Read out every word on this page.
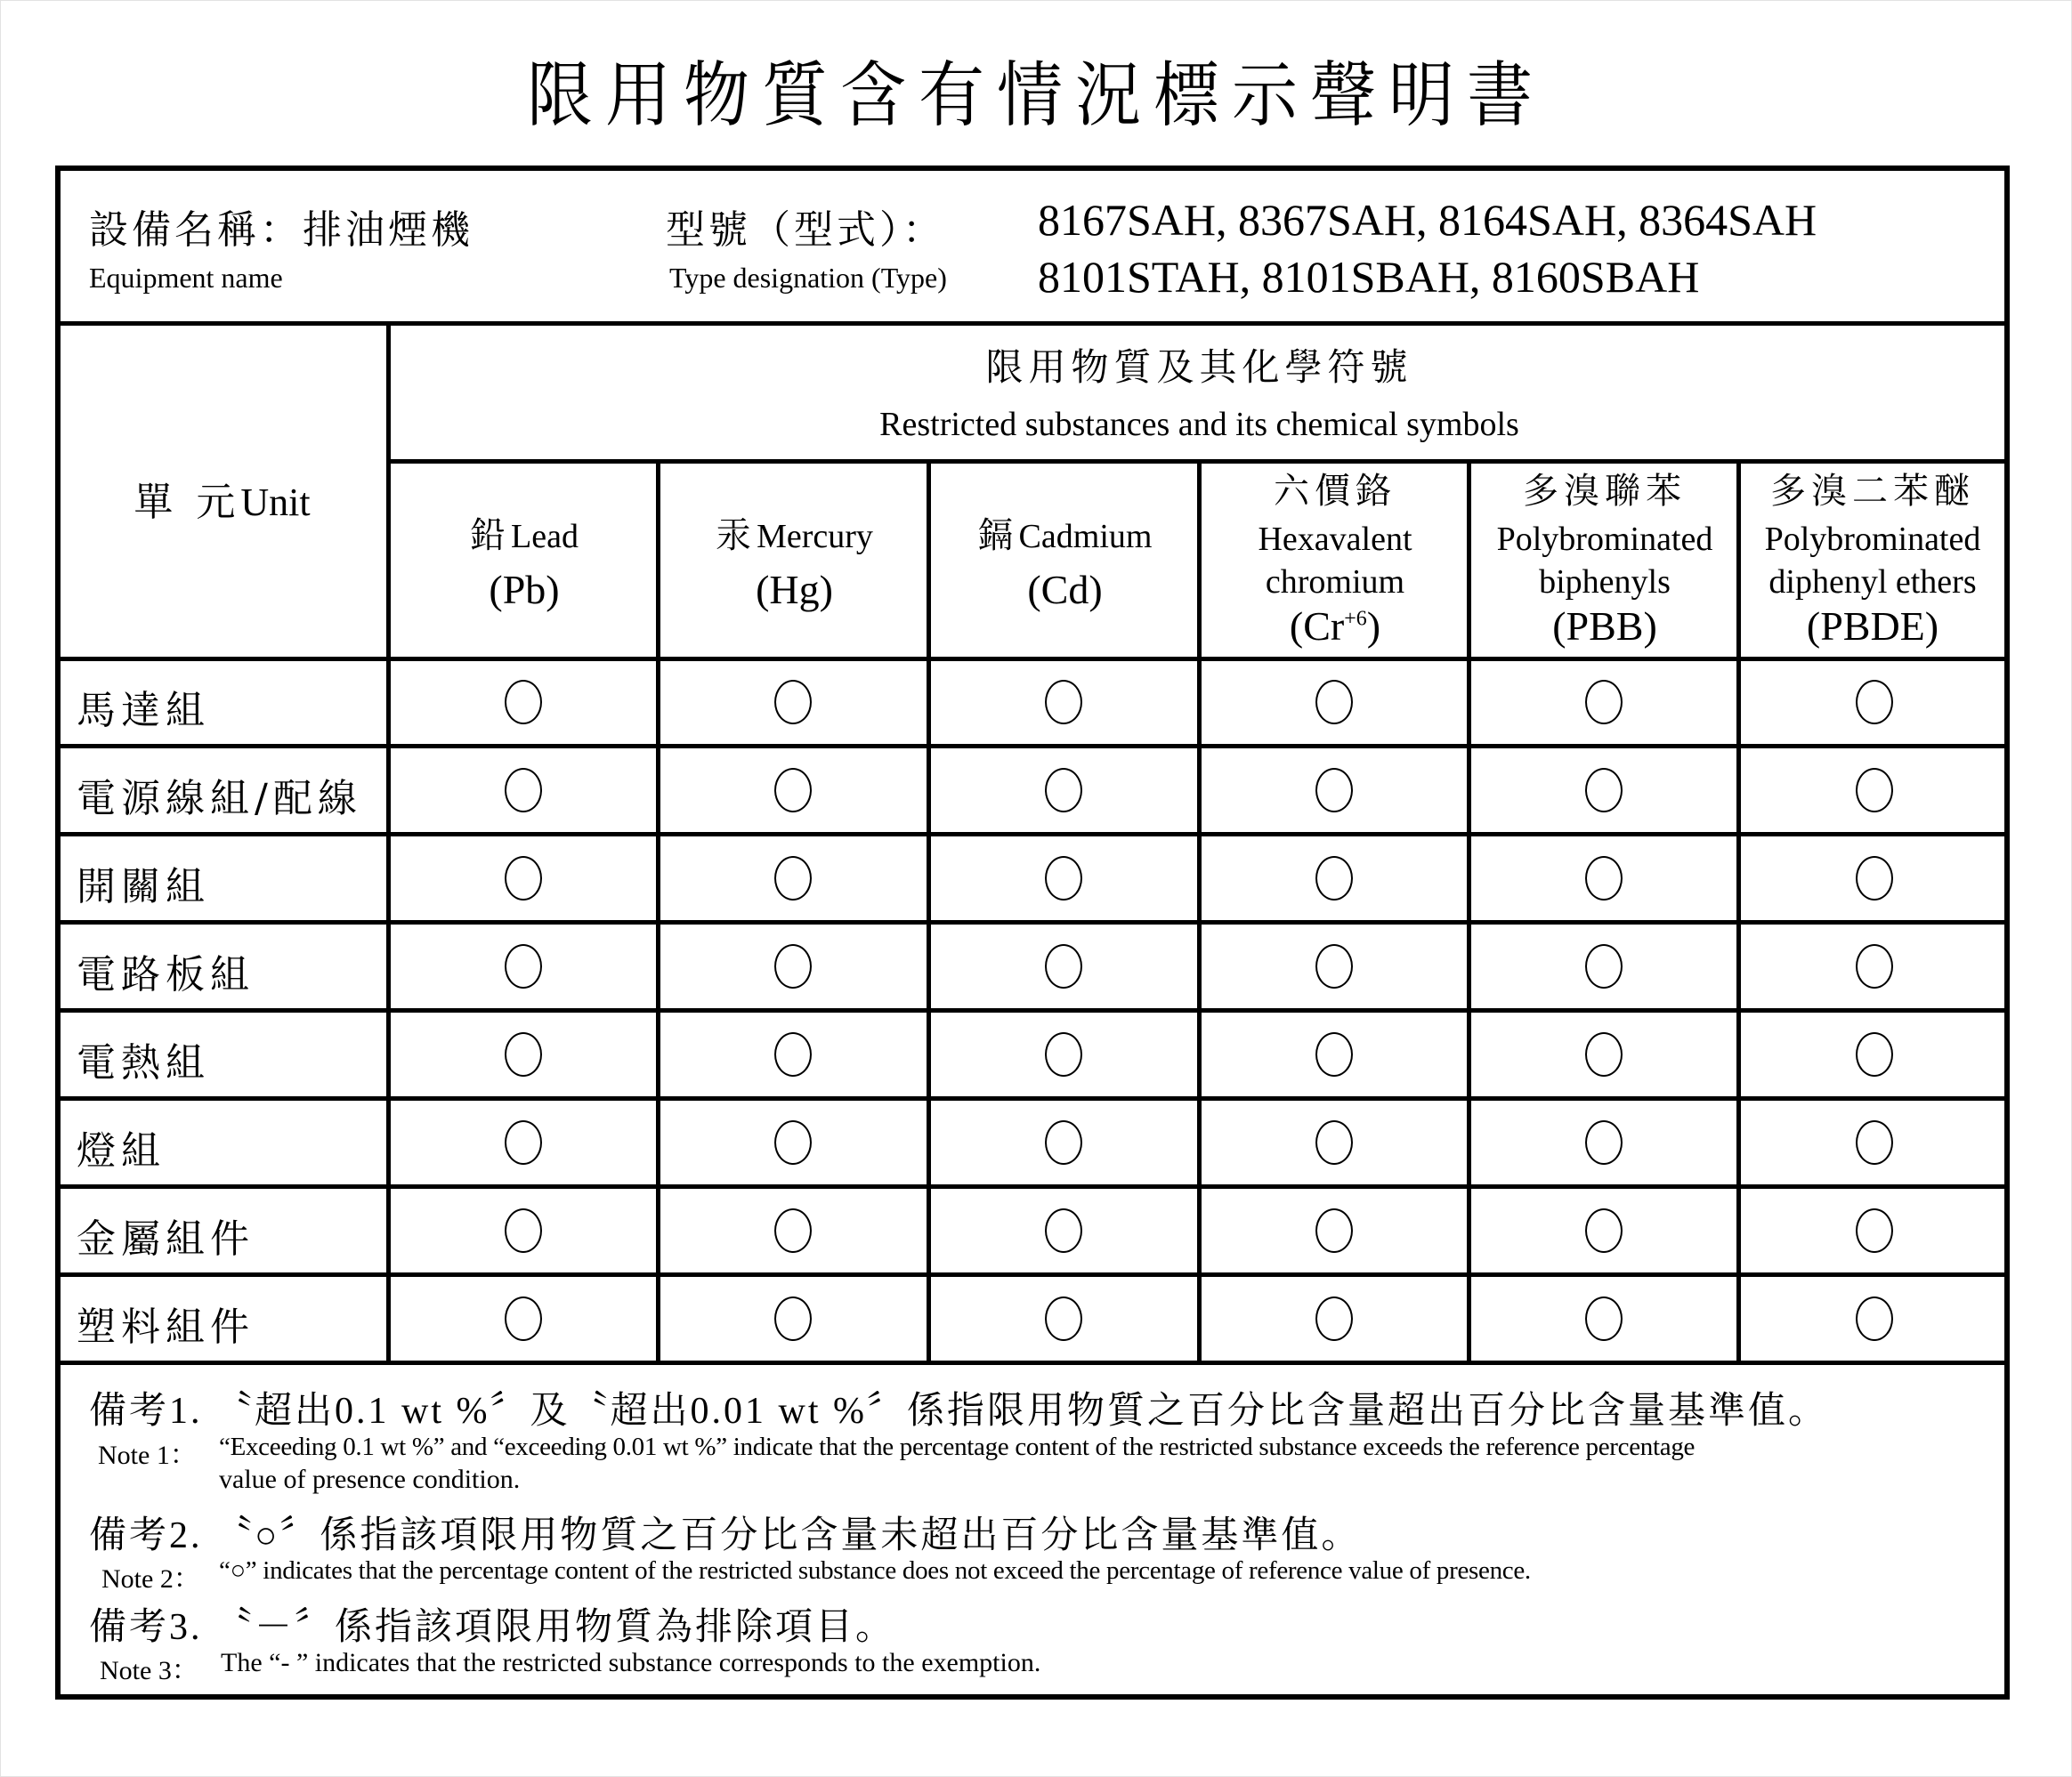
限用物質含有情況標示聲明書
設備名稱：排油煙機
Equipment name
型號（型式）：
Type designation (Type)
8167SAH, 8367SAH, 8164SAH, 8364SAH
8101STAH, 8101SBAH, 8160SBAH
單 元Unit
限用物質及其化學符號
Restricted substances and its chemical symbols
鉛Lead
(Pb)
汞Mercury
(Hg)
鎘Cadmium
(Cd)
六價鉻
Hexavalent
chromium
$(Cr^{+6})$
多溴聯苯
Polybrominated
biphenyls
(PBB)
多溴二苯醚
Polybrominated
diphenyl ethers
(PBDE)
馬達組
電源線組/配線
開關組
電路板組
電熱組
燈組
金屬組件
塑料組件
備考1. 〝超出0.1 wt %〞及〝超出0.01 wt %〞係指限用物質之百分比含量超出百分比含量基準值。
Note 1： “Exceeding 0.1 wt %” and “exceeding 0.01 wt %” indicate that the percentage content of the restricted substance exceeds the reference percentage
value of presence condition.
備考2. 〝○〞係指該項限用物質之百分比含量未超出百分比含量基準值。
Note 2： “○” indicates that the percentage content of the restricted substance does not exceed the percentage of reference value of presence.
備考3. 〝－〞係指該項限用物質為排除項目。
Note 3： The “- ” indicates that the restricted substance corresponds to the exemption.
